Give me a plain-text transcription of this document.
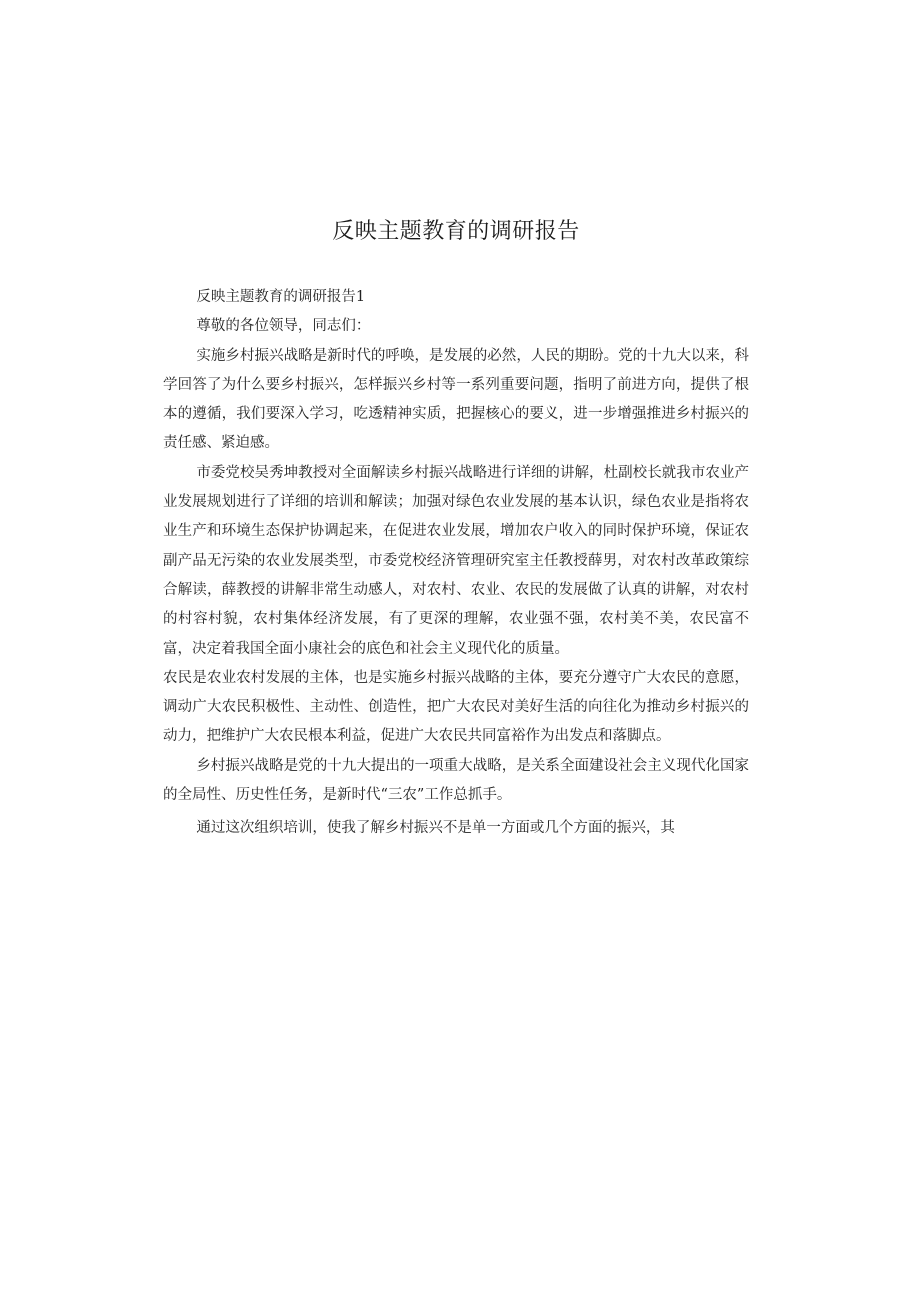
反映主题教育的调研报告

反映主题教育的调研报告1

尊敬的各位领导，同志们：

实施乡村振兴战略是新时代的呼唤，是发展的必然，人民的期盼。党的十九大以来，科学回答了为什么要乡村振兴，怎样振兴乡村等一系列重要问题，指明了前进方向，提供了根本的遵循，我们要深入学习，吃透精神实质，把握核心的要义，进一步增强推进乡村振兴的责任感、紧迫感。

市委党校吴秀坤教授对全面解读乡村振兴战略进行详细的讲解，杜副校长就我市农业产业发展规划进行了详细的培训和解读；加强对绿色农业发展的基本认识，绿色农业是指将农业生产和环境生态保护协调起来，在促进农业发展，增加农户收入的同时保护环境，保证农副产品无污染的农业发展类型，市委党校经济管理研究室主任教授薛男，对农村改革政策综合解读，薛教授的讲解非常生动感人，对农村、农业、农民的发展做了认真的讲解，对农村的村容村貌，农村集体经济发展，有了更深的理解，农业强不强，农村美不美，农民富不富，决定着我国全面小康社会的底色和社会主义现代化的质量。

农民是农业农村发展的主体，也是实施乡村振兴战略的主体，要充分遵守广大农民的意愿，调动广大农民积极性、主动性、创造性，把广大农民对美好生活的向往化为推动乡村振兴的动力，把维护广大农民根本利益，促进广大农民共同富裕作为出发点和落脚点。

乡村振兴战略是党的十九大提出的一项重大战略，是关系全面建设社会主义现代化国家的全局性、历史性任务，是新时代“三农”工作总抓手。

通过这次组织培训，使我了解乡村振兴不是单一方面或几个方面的振兴，其
